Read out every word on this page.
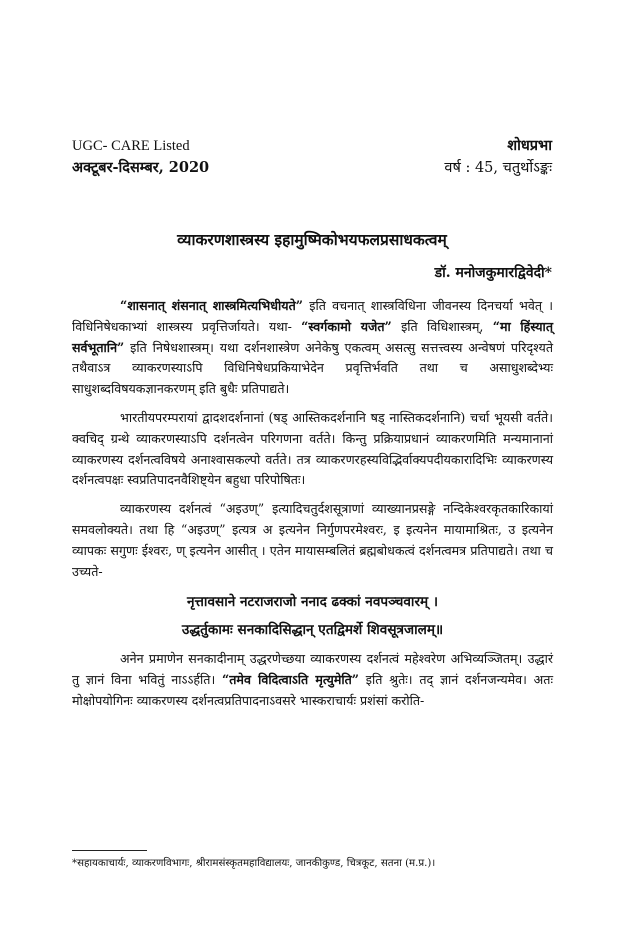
UGC- CARE Listed
अक्टूबर-दिसम्बर, 2020
शोधप्रभा
वर्ष : 45, चतुर्थोऽङ्कः
व्याकरणशास्त्रस्य इहामुष्मिकोभयफलप्रसाधकत्वम्
डॉ. मनोजकुमारद्विवेदी*

“शासनात् शंसनात् शास्त्रमित्यभिधीयते” इति वचनात् शास्त्रविधिना जीवनस्य दिनचर्या भवेत् । विधिनिषेधकाभ्यां शास्त्रस्य प्रवृत्तिर्जायते। यथा- “स्वर्गकामो यजेत” इति विधिशास्त्रम्, “मा हिंस्यात् सर्वभूतानि” इति निषेधशास्त्रम्। यथा दर्शनशास्त्रेण अनेकेषु एकत्वम् असत्सु सत्तत्त्वस्य अन्वेषणं परिदृश्यते तथैवाऽत्र व्याकरणस्याऽपि विधिनिषेधप्रकियाभेदेन प्रवृत्तिर्भवति तथा च असाधुशब्देभ्यः साधुशब्दविषयकज्ञानकरणम् इति बुधैः प्रतिपाद्यते।

भारतीयपरम्परायां द्वादशदर्शनानां (षड् आस्तिकदर्शनानि षड् नास्तिकदर्शनानि) चर्चा भूयसी वर्तते। क्वचिद् ग्रन्थे व्याकरणस्याऽपि दर्शनत्वेन परिगणना वर्तते। किन्तु प्रक्रियाप्रधानं व्याकरणमिति मन्यमानानां व्याकरणस्य दर्शनत्वविषये अनाश्वासकल्पो वर्तते। तत्र व्याकरणरहस्यविद्भिर्वाक्यपदीयकारादिभिः व्याकरणस्य दर्शनत्वपक्षः स्वप्रतिपादनवैशिष्ट्येन बहुधा परिपोषितः।

व्याकरणस्य दर्शनत्वं “अइउण्” इत्यादिचतुर्दशसूत्राणां व्याख्यानप्रसङ्गे नन्दिकेश्वरकृतकारिकायां समवलोक्यते। तथा हि “अइउण्” इत्यत्र अ इत्यनेन निर्गुणपरमेश्वरः, इ इत्यनेन मायामाश्रितः, उ इत्यनेन व्यापकः सगुणः ईश्वरः, ण् इत्यनेन आसीत् । एतेन मायासम्बलितं ब्रह्मबोधकत्वं दर्शनत्वमत्र प्रतिपाद्यते। तथा च उच्यते-

नृत्तावसाने नटराजराजो ननाद ढक्कां नवपञ्चवारम् ।
उद्धर्तुकामः सनकादिसिद्धान् एतद्विमर्शे शिवसूत्रजालम्॥

अनेन प्रमाणेन सनकादीनाम् उद्धरणेच्छया व्याकरणस्य दर्शनत्वं महेश्वरेण अभिव्यञ्जितम्। उद्धारं तु ज्ञानं विना भवितुं नाऽऽर्हति। “तमेव विदित्वाऽति मृत्युमेति” इति श्रुतेः। तद् ज्ञानं दर्शनजन्यमेव। अतः मोक्षोपयोगिनः व्याकरणस्य दर्शनत्वप्रतिपादनाऽवसरे भास्कराचार्यः प्रशंसां करोति-

*सहायकाचार्यः, व्याकरणविभागः, श्रीरामसंस्कृतमहाविद्यालयः, जानकीकुण्ड, चित्रकूट, सतना (म.प्र.)।
